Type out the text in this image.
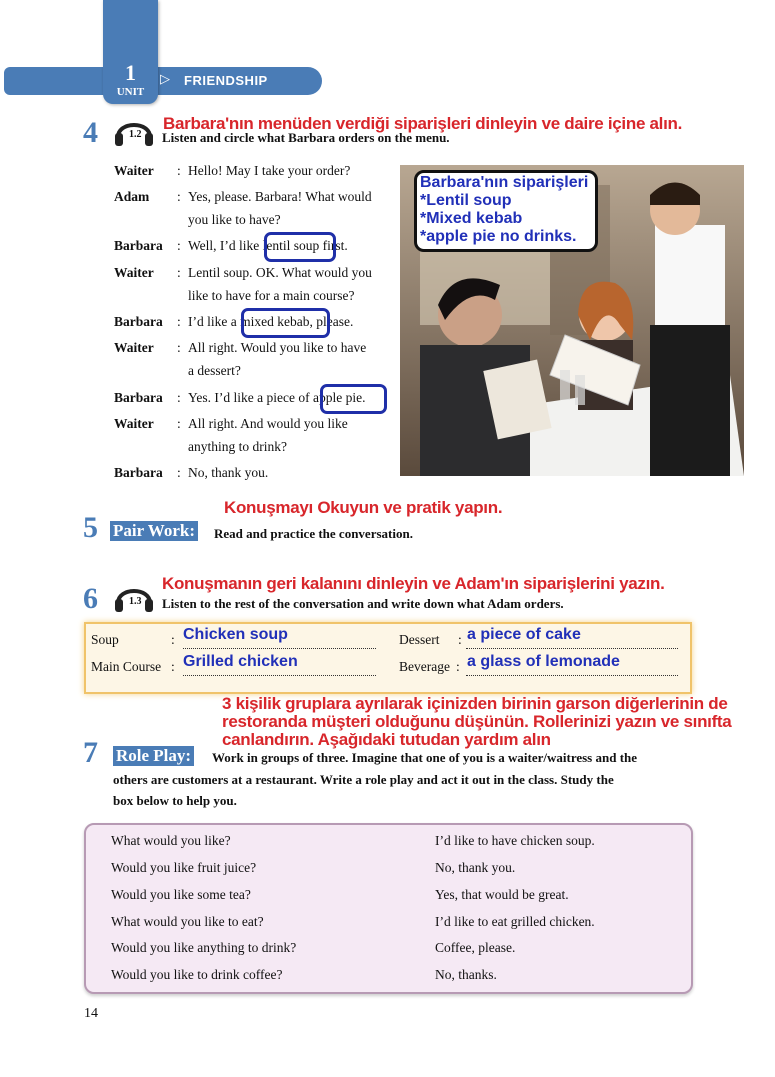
1
UNIT
▷ FRIENDSHIP
4	1.2
Barbara'nın menüden verdiği siparişleri dinleyin ve daire içine alın.
Listen and circle what Barbara orders on the menu.
Waiter	: Hello! May I take your order?
Adam	: Yes, please. Barbara! What would
you like to have?
Barbara	: Well, I’d like lentil soup first.
Waiter	: Lentil soup. OK. What would you
like to have for a main course?
Barbara	: I’d like a mixed kebab, please.
Waiter	: All right. Would you like to have
a dessert?
Barbara	: Yes. I’d like a piece of apple pie.
Waiter	: All right. And would you like
anything to drink?
Barbara	: No, thank you.
Barbara'nın siparişleri
*Lentil soup
*Mixed kebab
*apple pie no drinks.
Konuşmayı Okuyun ve pratik yapın.
5 Pair Work: Read and practice the conversation.
6	1.3
Konuşmanın geri kalanını dinleyin ve Adam'ın siparişlerini yazın.
Listen to the rest of the conversation and write down what Adam orders.
Soup	: Chicken soup	Dessert : a piece of cake
Main Course : Grilled chicken	Beverage : a glass of lemonade
3 kişilik gruplara ayrılarak içinizden birinin garson diğerlerinin de
restoranda müşteri olduğunu düşünün. Rollerinizi yazın ve sınıfta
canlandırın. Aşağıdaki tutudan yardım alın
7 Role Play: Work in groups of three. Imagine that one of you is a waiter/waitress and the
others are customers at a restaurant. Write a role play and act it out in the class. Study the
box below to help you.
What would you like?	I’d like to have chicken soup.
Would you like fruit juice?	No, thank you.
Would you like some tea?	Yes, that would be great.
What would you like to eat?	I’d like to eat grilled chicken.
Would you like anything to drink?	Coffee, please.
Would you like to drink coffee?	No, thanks.
14
